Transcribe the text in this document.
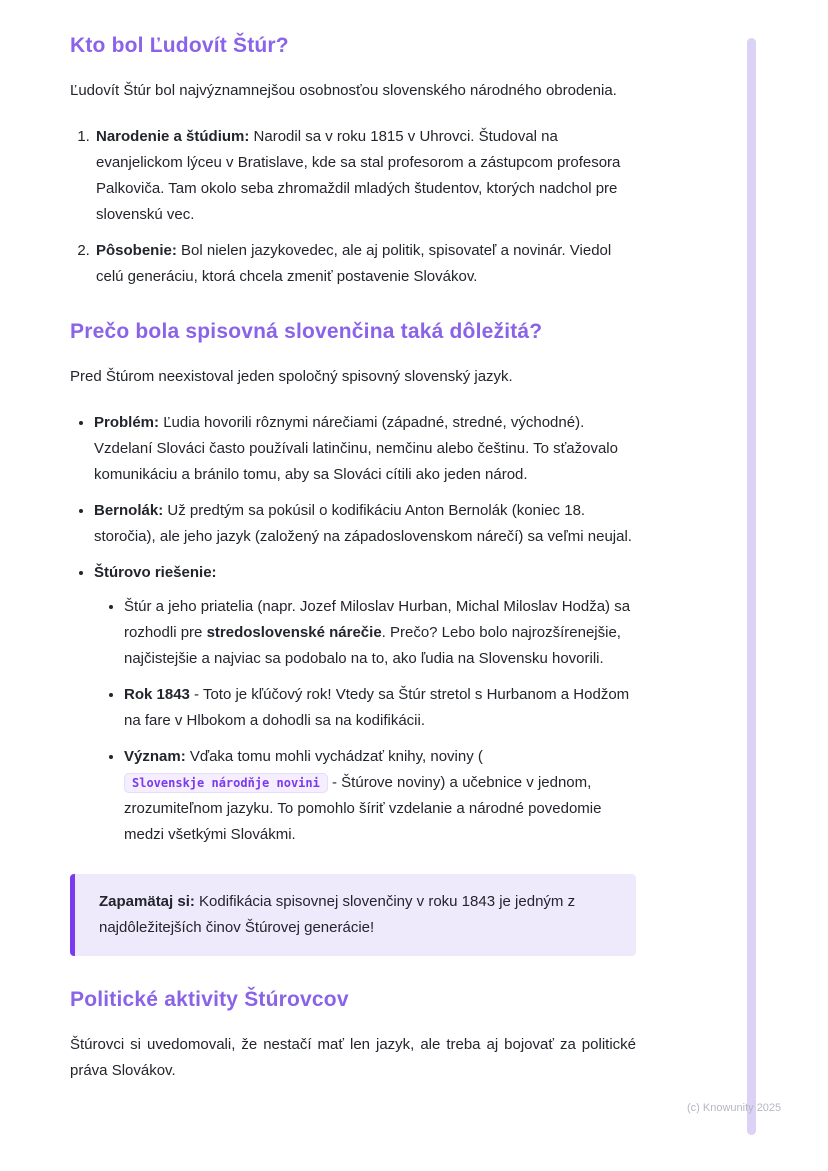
Kto bol Ľudovít Štúr?

Ľudovít Štúr bol najvýznamnejšou osobnosťou slovenského národného obrodenia.

1. Narodenie a štúdium: Narodil sa v roku 1815 v Uhrovci. Študoval na evanjelickom lýceu v Bratislave, kde sa stal profesorom a zástupcom profesora Palkoviča. Tam okolo seba zhromaždil mladých študentov, ktorých nadchol pre slovenskú vec.
2. Pôsobenie: Bol nielen jazykovedec, ale aj politik, spisovateľ a novinár. Viedol celú generáciu, ktorá chcela zmeniť postavenie Slovákov.
Prečo bola spisovná slovenčina taká dôležitá?

Pred Štúrom neexistoval jeden spoločný spisovný slovenský jazyk.

• Problém: Ľudia hovorili rôznymi nárečiami (západné, stredné, východné). Vzdelaní Slováci často používali latinčinu, nemčinu alebo češtinu. To sťažovalo komunikáciu a bránilo tomu, aby sa Slováci cítili ako jeden národ.
• Bernolák: Už predtým sa pokúsil o kodifikáciu Anton Bernolák (koniec 18. storočia), ale jeho jazyk (založený na západoslovenskom nárečí) sa veľmi neujal.
• Štúrovo riešenie:
• Štúr a jeho priatelia (napr. Jozef Miloslav Hurban, Michal Miloslav Hodža) sa rozhodli pre stredoslovenské nárečie. Prečo? Lebo bolo najrozšírenejšie, najčistejšie a najviac sa podobalo na to, ako ľudia na Slovensku hovorili.
• Rok 1843 - Toto je kľúčový rok! Vtedy sa Štúr stretol s Hurbanom a Hodžom na fare v Hlbokom a dohodli sa na kodifikácii.
• Význam: Vďaka tomu mohli vychádzať knihy, noviny ( Slovenskje národňje novini - Štúrove noviny) a učebnice v jednom, zrozumiteľnom jazyku. To pomohlo šíriť vzdelanie a národné povedomie medzi všetkými Slovákmi.
Zapamätaj si: Kodifikácia spisovnej slovenčiny v roku 1843 je jedným z najdôležitejších činov Štúrovej generácie!
Politické aktivity Štúrovcov

Štúrovci si uvedomovali, že nestačí mať len jazyk, ale treba aj bojovať za politické práva Slovákov.

(c) Knowunity 2025
